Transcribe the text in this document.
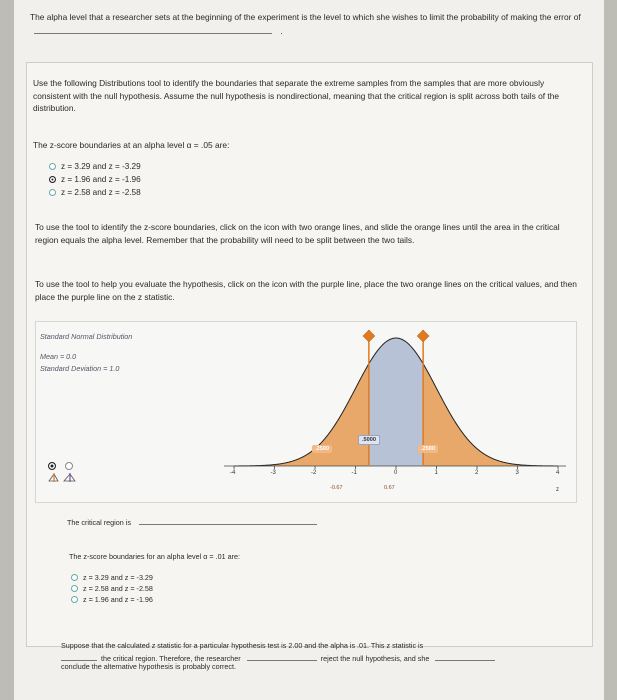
The alpha level that a researcher sets at the beginning of the experiment is the level to which she wishes to limit the probability of making the error of  .
Use the following Distributions tool to identify the boundaries that separate the extreme samples from the samples that are more obviously consistent with the null hypothesis. Assume the null hypothesis is nondirectional, meaning that the critical region is split across both tails of the distribution.
The z-score boundaries at an alpha level α = .05 are:
z = 3.29 and z = -3.29
z = 1.96 and z = -1.96
z = 2.58 and z = -2.58
To use the tool to identify the z-score boundaries, click on the icon with two orange lines, and slide the orange lines until the area in the critical region equals the alpha level. Remember that the probability will need to be split between the two tails.
To use the tool to help you evaluate the hypothesis, click on the icon with the purple line, place the two orange lines on the critical values, and then place the purple line on the z statistic.
Standard Normal Distribution
Mean = 0.0
Standard Deviation = 1.0

.5000
.2500	.2500
-4	-3	-2	-1	0	1	2	3	4
-0.67	0.67	z
The critical region is
The z-score boundaries for an alpha level α = .01 are:
z = 3.29 and z = -3.29
z = 2.58 and z = -2.58
z = 1.96 and z = -1.96
Suppose that the calculated z statistic for a particular hypothesis test is 2.00 and the alpha is .01. This z statistic is
the critical region. Therefore, the researcher	reject the null hypothesis, and she
conclude the alternative hypothesis is probably correct.
